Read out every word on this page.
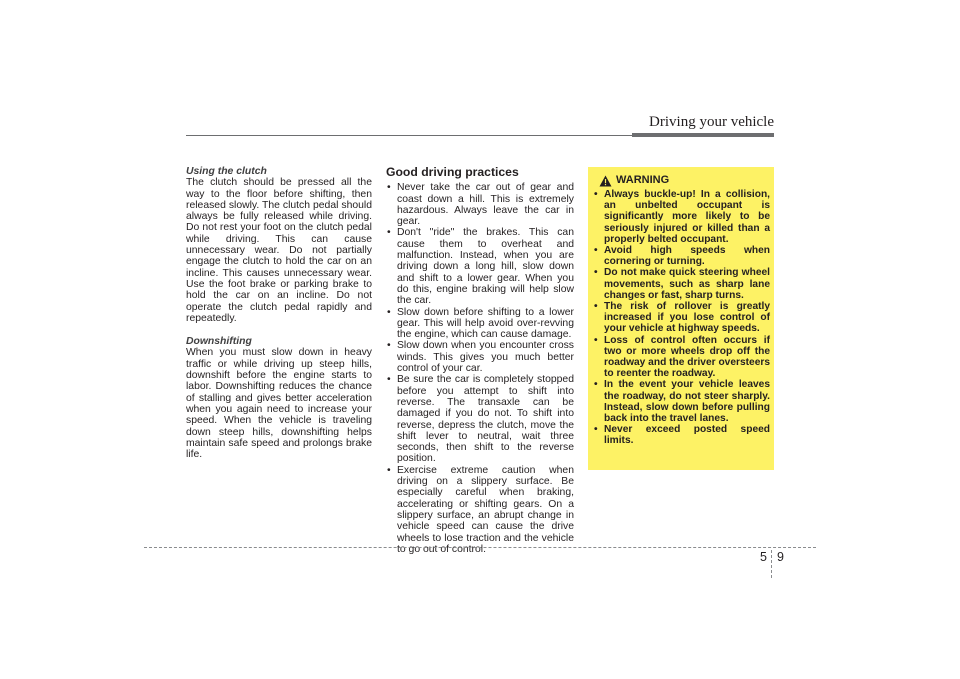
Driving your vehicle

Using the clutch

The clutch should be pressed all the way to the floor before shifting, then released slowly. The clutch pedal should always be fully released while driving. Do not rest your foot on the clutch pedal while driving. This can cause unnecessary wear. Do not partially engage the clutch to hold the car on an incline. This causes unnecessary wear. Use the foot brake or parking brake to hold the car on an incline. Do not operate the clutch pedal rapidly and repeatedly.

Downshifting

When you must slow down in heavy traffic or while driving up steep hills, downshift before the engine starts to labor. Downshifting reduces the chance of stalling and gives better acceleration when you again need to increase your speed. When the vehicle is traveling down steep hills, downshifting helps maintain safe speed and prolongs brake life.

Good driving practices
• Never take the car out of gear and coast down a hill. This is extremely hazardous. Always leave the car in gear.
• Don't "ride" the brakes. This can cause them to overheat and malfunction. Instead, when you are driving down a long hill, slow down and shift to a lower gear. When you do this, engine braking will help slow the car.
• Slow down before shifting to a lower gear. This will help avoid over-revving the engine, which can cause damage.
• Slow down when you encounter cross winds. This gives you much better control of your car.
• Be sure the car is completely stopped before you attempt to shift into reverse. The transaxle can be damaged if you do not. To shift into reverse, depress the clutch, move the shift lever to neutral, wait three seconds, then shift to the reverse position.
• Exercise extreme caution when driving on a slippery surface. Be especially careful when braking, accelerating or shifting gears. On a slippery surface, an abrupt change in vehicle speed can cause the drive wheels to lose traction and the vehicle to go out of control.
WARNING
• Always buckle-up! In a collision, an unbelted occupant is significantly more likely to be seriously injured or killed than a properly belted occupant.
• Avoid high speeds when cornering or turning.
• Do not make quick steering wheel movements, such as sharp lane changes or fast, sharp turns.
• The risk of rollover is greatly increased if you lose control of your vehicle at highway speeds.
• Loss of control often occurs if two or more wheels drop off the roadway and the driver oversteers to reenter the roadway.
• In the event your vehicle leaves the roadway, do not steer sharply. Instead, slow down before pulling back into the travel lanes.
• Never exceed posted speed limits.
5 9
